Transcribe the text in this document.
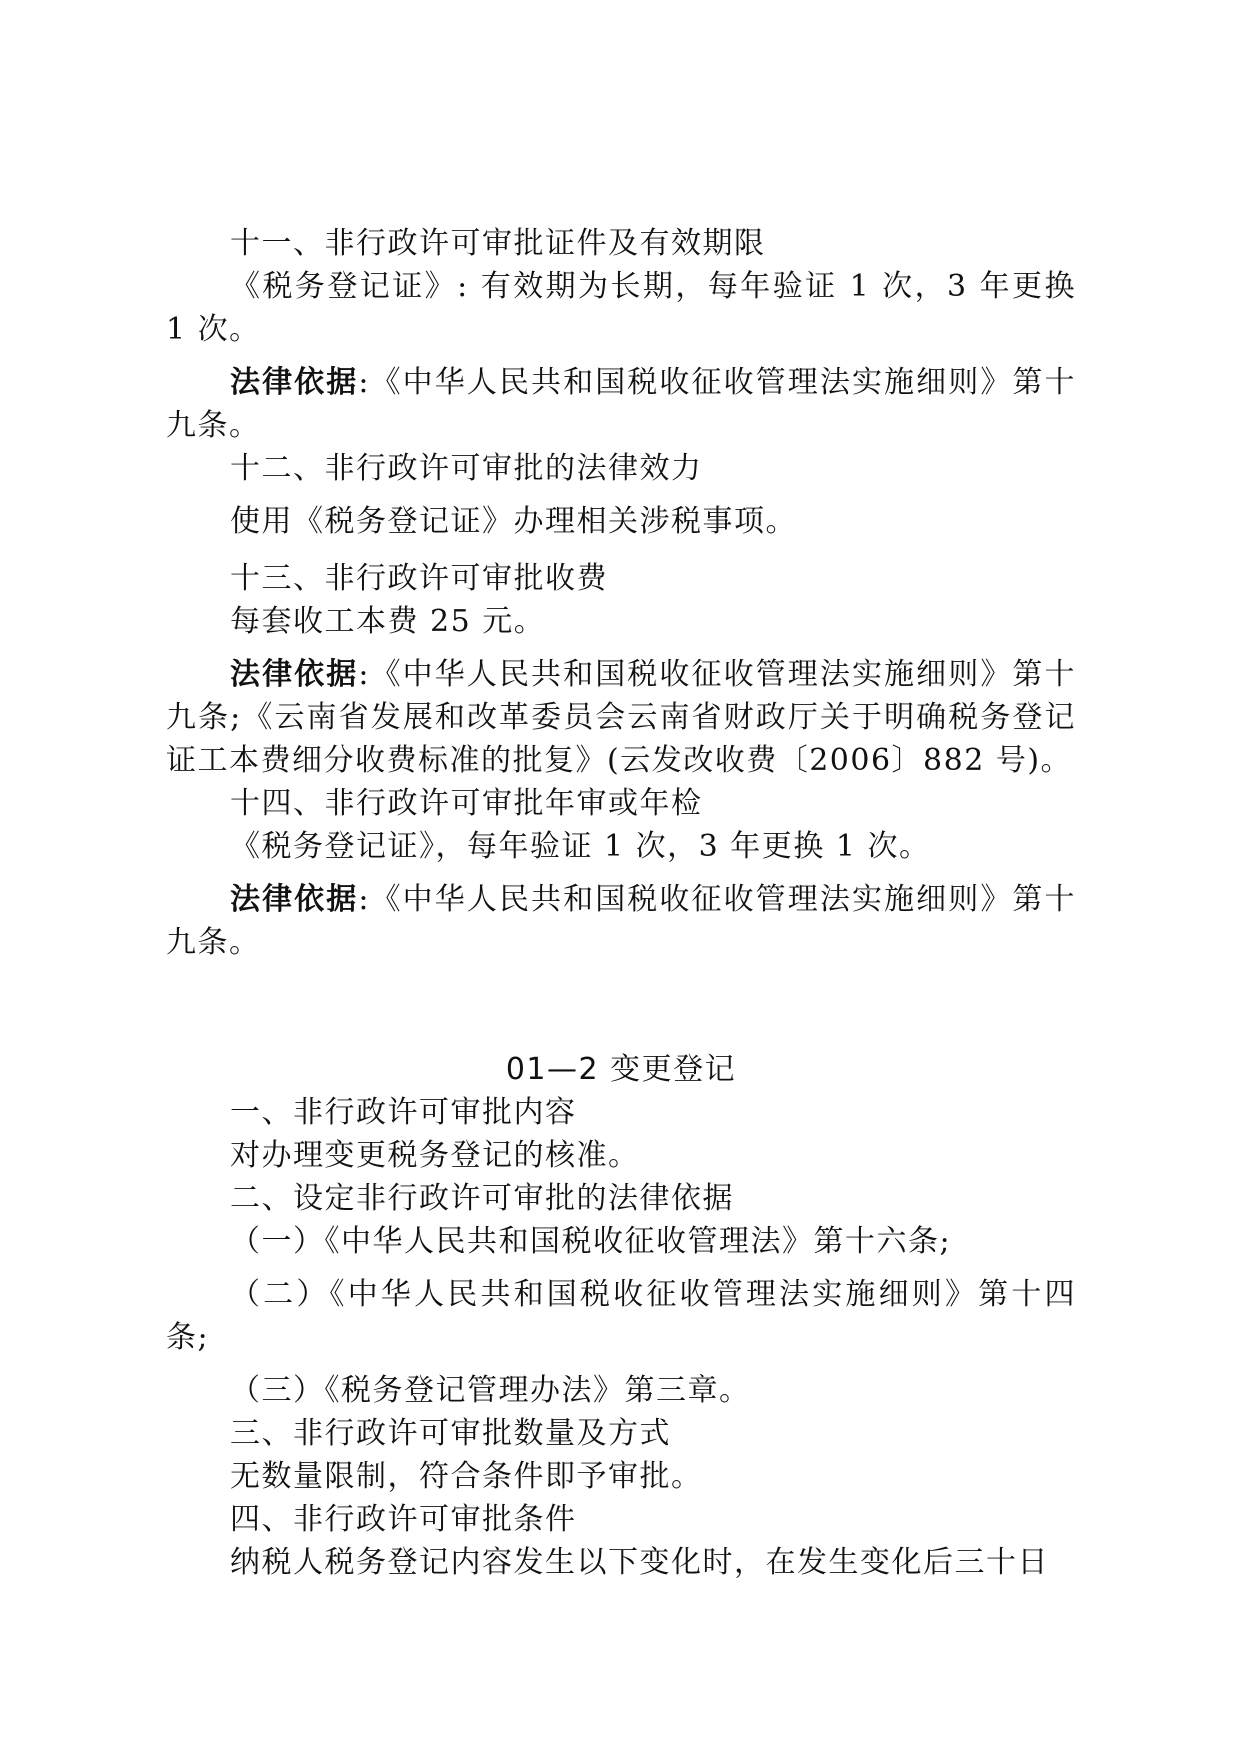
十一、非行政许可审批证件及有效期限

《税务登记证》: 有效期为长期，每年验证 1 次，3 年更换 1 次。

法律依据:《中华人民共和国税收征收管理法实施细则》第十九条。

十二、非行政许可审批的法律效力

使用《税务登记证》办理相关涉税事项。

十三、非行政许可审批收费

每套收工本费 25 元。

法律依据:《中华人民共和国税收征收管理法实施细则》第十九条;《云南省发展和改革委员会云南省财政厅关于明确税务登记证工本费细分收费标准的批复》(云发改收费〔2006〕882 号)。

十四、非行政许可审批年审或年检

《税务登记证》，每年验证 1 次，3 年更换 1 次。

法律依据:《中华人民共和国税收征收管理法实施细则》第十九条。

01—2 变更登记

一、非行政许可审批内容

对办理变更税务登记的核准。

二、设定非行政许可审批的法律依据

（一）《中华人民共和国税收征收管理法》第十六条;

（二）《中华人民共和国税收征收管理法实施细则》第十四条;

（三）《税务登记管理办法》第三章。

三、非行政许可审批数量及方式

无数量限制，符合条件即予审批。

四、非行政许可审批条件

纳税人税务登记内容发生以下变化时，在发生变化后三十日
